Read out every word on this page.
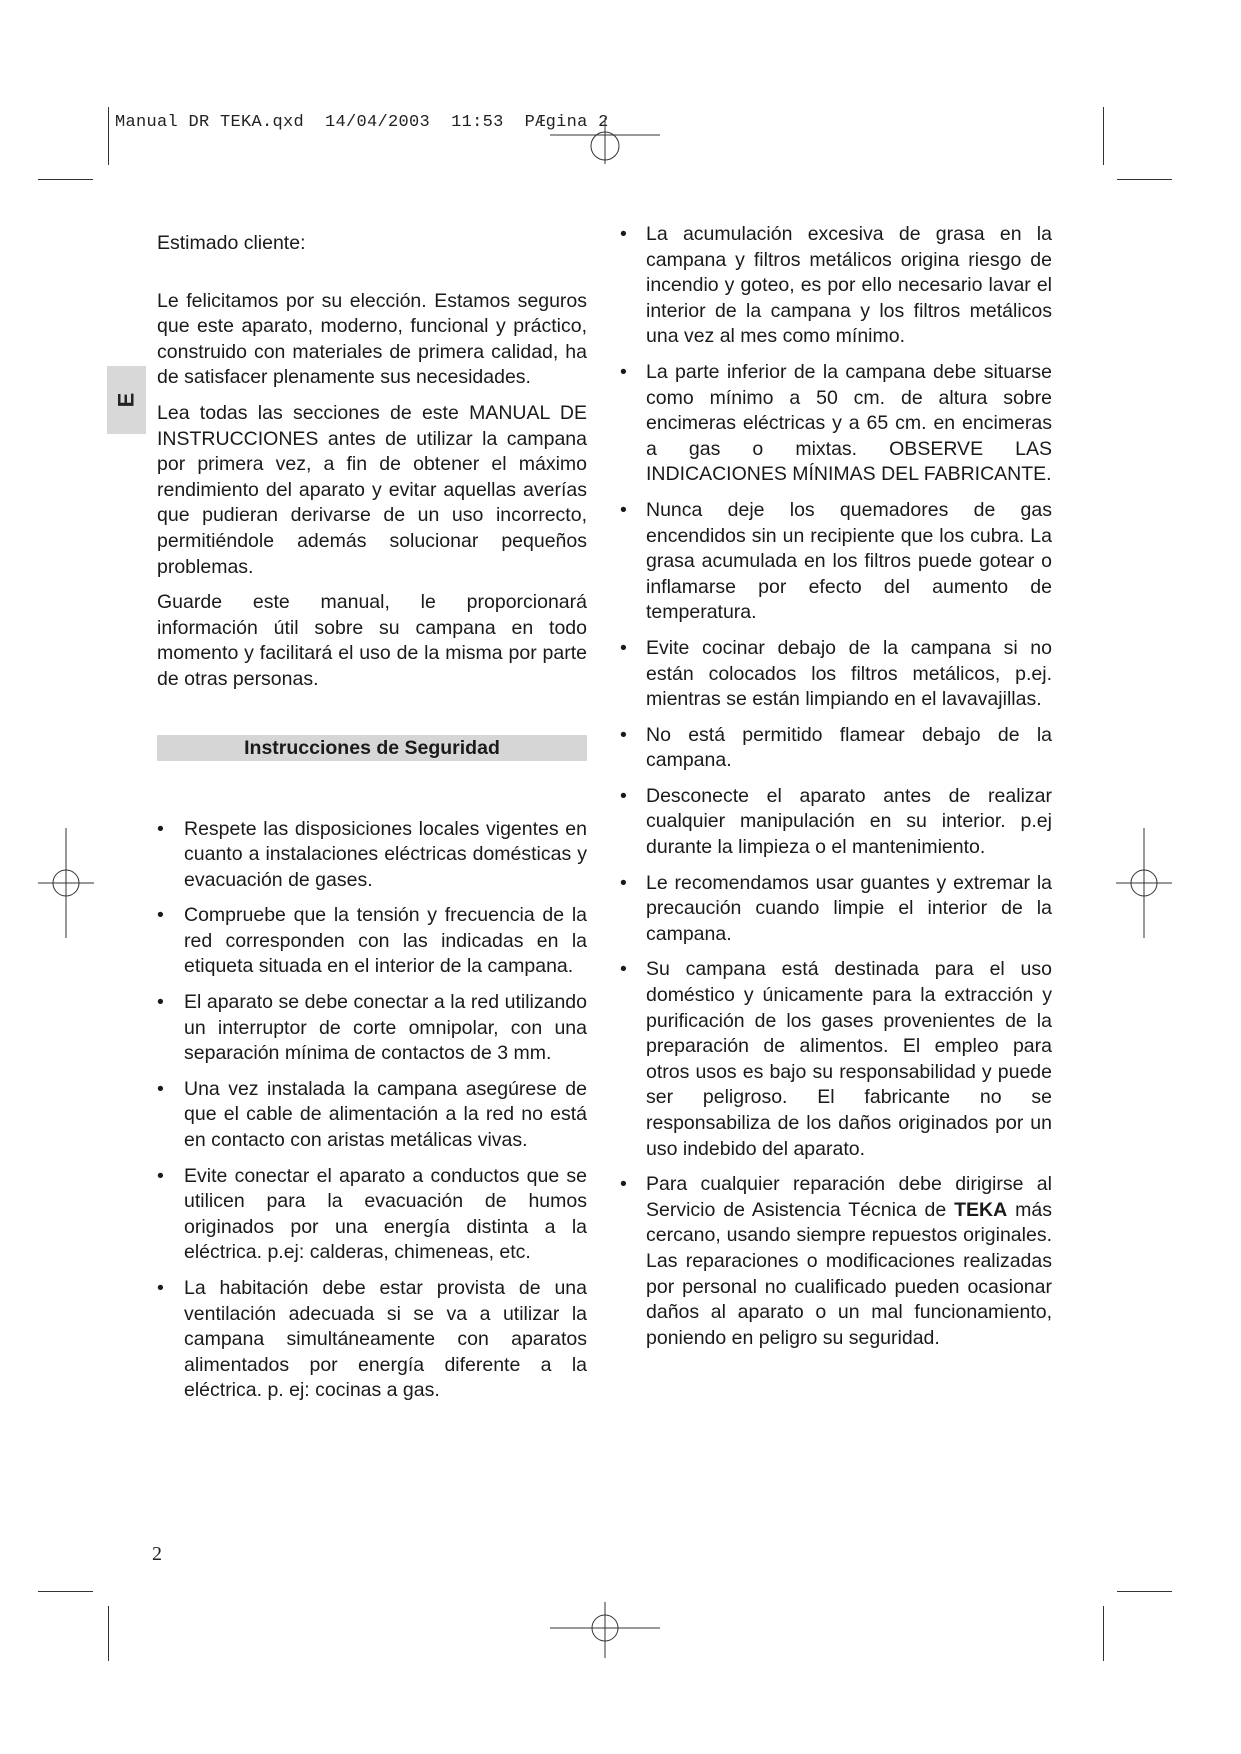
Manual DR TEKA.qxd 14/04/2003 11:53 PÆgina 2
E

Estimado cliente:

Le felicitamos por su elección. Estamos seguros que este aparato, moderno, funcional y práctico, construido con materiales de primera calidad, ha de satisfacer plenamente sus necesidades.

Lea todas las secciones de este MANUAL DE INSTRUCCIONES antes de utilizar la campana por primera vez, a fin de obtener el máximo rendimiento del aparato y evitar aquellas averías que pudieran derivarse de un uso incorrecto, permitiéndole además solucionar pequeños problemas.

Guarde este manual, le proporcionará información útil sobre su campana en todo momento y facilitará el uso de la misma por parte de otras personas.

Instrucciones de Seguridad
• Respete las disposiciones locales vigentes en cuanto a instalaciones eléctricas domésticas y evacuación de gases.
• Compruebe que la tensión y frecuencia de la red corresponden con las indicadas en la etiqueta situada en el interior de la campana.
• El aparato se debe conectar a la red utilizando un interruptor de corte omnipolar, con una separación mínima de contactos de 3 mm.
• Una vez instalada la campana asegúrese de que el cable de alimentación a la red no está en contacto con aristas metálicas vivas.
• Evite conectar el aparato a conductos que se utilicen para la evacuación de humos originados por una energía distinta a la eléctrica. p.ej: calderas, chimeneas, etc.
• La habitación debe estar provista de una ventilación adecuada si se va a utilizar la campana simultáneamente con aparatos alimentados por energía diferente a la eléctrica. p. ej: cocinas a gas.
• La acumulación excesiva de grasa en la campana y filtros metálicos origina riesgo de incendio y goteo, es por ello necesario lavar el interior de la campana y los filtros metálicos una vez al mes como mínimo.
• La parte inferior de la campana debe situarse como mínimo a 50 cm. de altura sobre encimeras eléctricas y a 65 cm. en encimeras a gas o mixtas. OBSERVE LAS INDICACIONES MÍNIMAS DEL FABRICANTE.
• Nunca deje los quemadores de gas encendidos sin un recipiente que los cubra. La grasa acumulada en los filtros puede gotear o inflamarse por efecto del aumento de temperatura.
• Evite cocinar debajo de la campana si no están colocados los filtros metálicos, p.ej. mientras se están limpiando en el lavavajillas.
• No está permitido flamear debajo de la campana.
• Desconecte el aparato antes de realizar cualquier manipulación en su interior. p.ej durante la limpieza o el mantenimiento.
• Le recomendamos usar guantes y extremar la precaución cuando limpie el interior de la campana.
• Su campana está destinada para el uso doméstico y únicamente para la extracción y purificación de los gases provenientes de la preparación de alimentos. El empleo para otros usos es bajo su responsabilidad y puede ser peligroso. El fabricante no se responsabiliza de los daños originados por un uso indebido del aparato.
• Para cualquier reparación debe dirigirse al Servicio de Asistencia Técnica de TEKA más cercano, usando siempre repuestos originales. Las reparaciones o modificaciones realizadas por personal no cualificado pueden ocasionar daños al aparato o un mal funcionamiento, poniendo en peligro su seguridad.
2
